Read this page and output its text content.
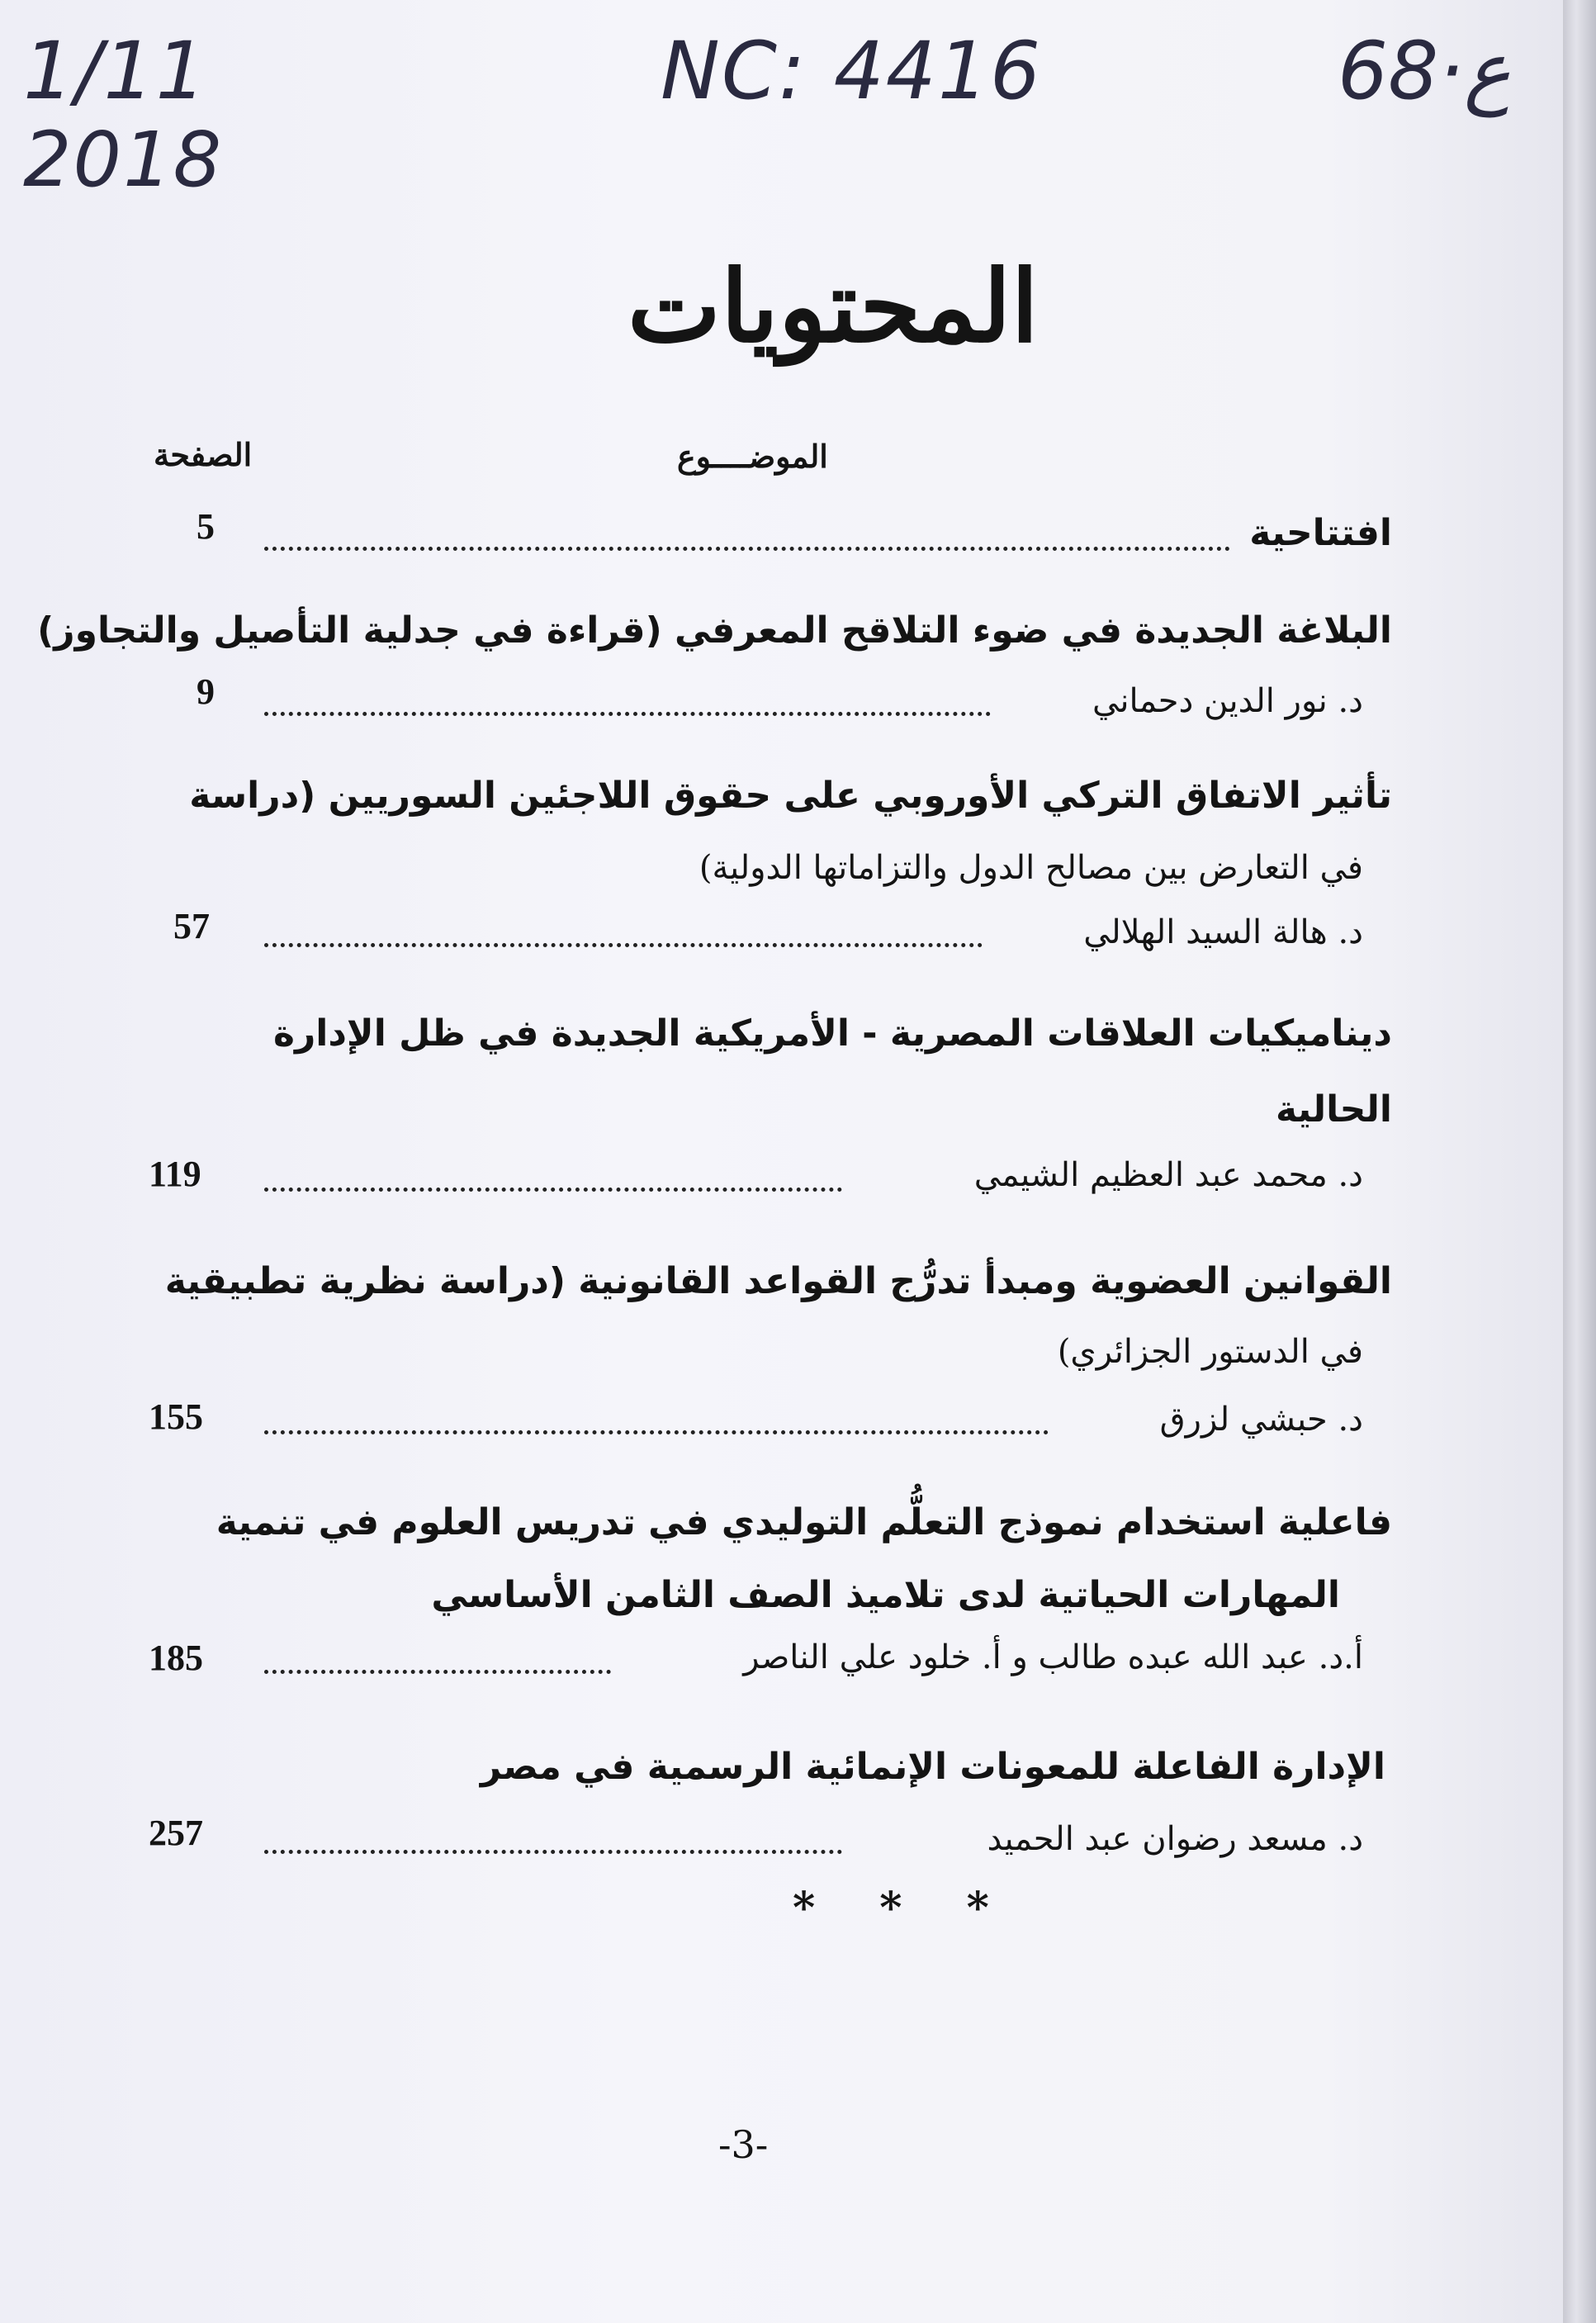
1/11
2018
NC: 4416	68·ع
المحتويات
الموضــــوع
الصفحة
افتتاحية
5
البلاغة الجديدة في ضوء التلاقح المعرفي (قراءة في جدلية التأصيل والتجاوز)
د. نور الدين دحماني
9
تأثير الاتفاق التركي الأوروبي على حقوق اللاجئين السوريين (دراسة
في التعارض بين مصالح الدول والتزاماتها الدولية)
د. هالة السيد الهلالي
57
ديناميكيات العلاقات المصرية - الأمريكية الجديدة في ظل الإدارة
الحالية
د. محمد عبد العظيم الشيمي
119
القوانين العضوية ومبدأ تدرُّج القواعد القانونية (دراسة نظرية تطبيقية
في الدستور الجزائري)
د. حبشي لزرق
155
فاعلية استخدام نموذج التعلُّم التوليدي في تدريس العلوم في تنمية
المهارات الحياتية لدى تلاميذ الصف الثامن الأساسي
أ.د. عبد الله عبده طالب و أ. خلود علي الناصر
185
الإدارة الفاعلة للمعونات الإنمائية الرسمية في مصر
د. مسعد رضوان عبد الحميد
257
* * *
-3-
